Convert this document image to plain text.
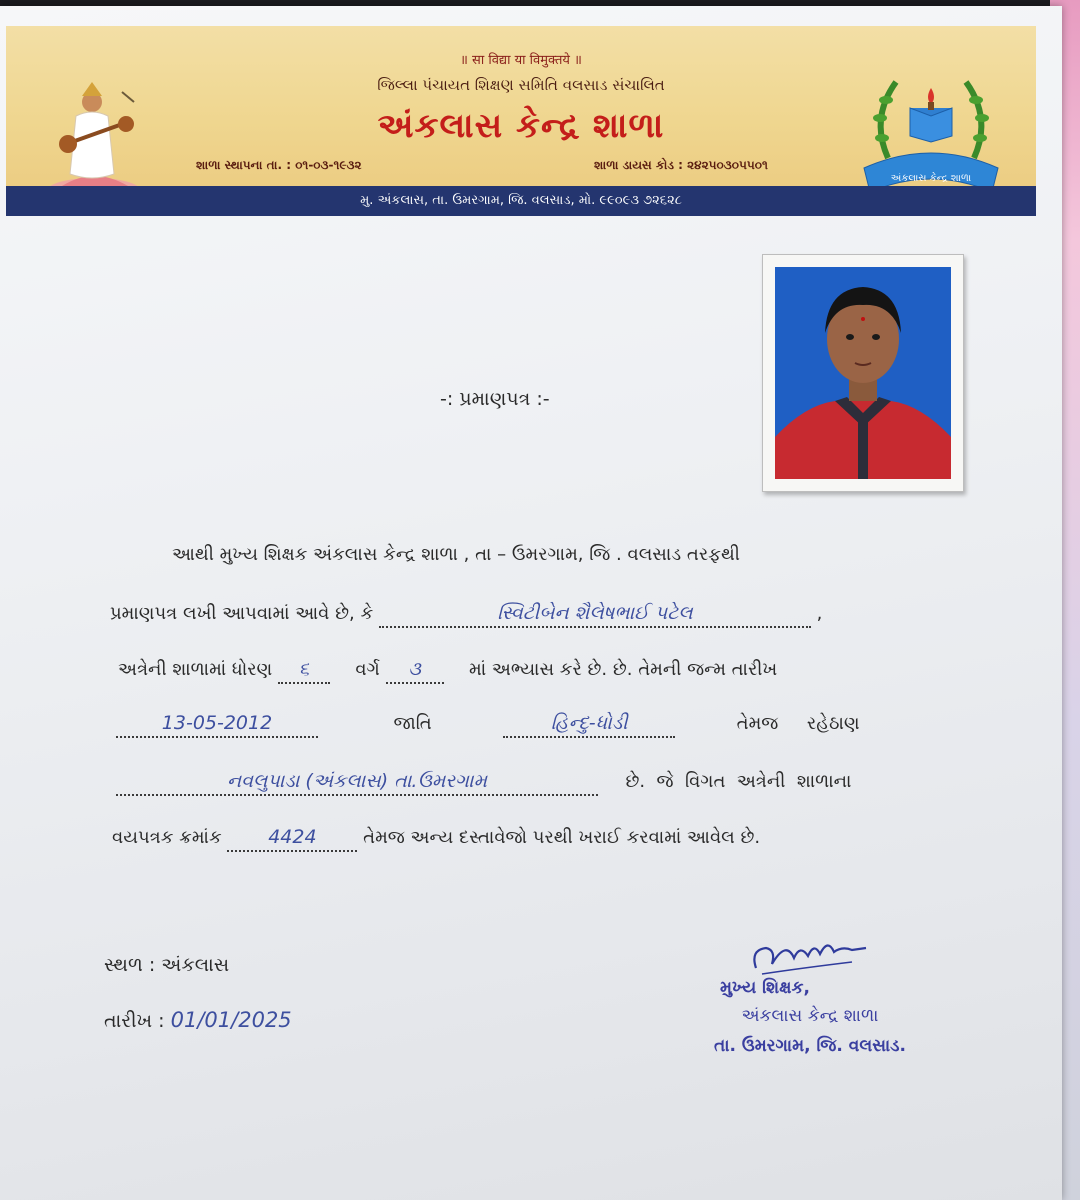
॥ सा विद्या या विमुक्तये ॥
જિલ્લા પંચાયત શિક્ષણ સમિતિ વલસાડ સંચાલિત
અંકલાસ કેન્દ્ર શાળા
શાળા સ્થાપના તા. : ૦૧-૦૩-૧૯૩૨	શાળા ડાયસ કોડ : ૨૪૨૫૦૩૦૫૫૦૧
અંકલાસ કેન્દ્ર શાળા
મુ. અંકલાસ, તા. ઉમરગામ, જિ. વલસાડ, મો. ૯૯૦૯૩ ૭૨૬૨૮
-: પ્રમાણપત્ર :-
આથી મુખ્ય શિક્ષક અંકલાસ કેન્દ્ર શાળા , તા – ઉમરગામ, જિ . વલસાડ તરફથી
પ્રમાણપત્ર લખી આપવામાં આવે છે, કે	સ્વિટીબેન શૈલેષભાઈ પટેલ	,
અત્રેની શાળામાં ધોરણ ૬	વર્ગ ૩	માં અભ્યાસ કરે છે. છે. તેમની જન્મ તારીખ
13-05-2012	જાતિ	હિન્દુ-ધોડી	તેમજ     રહેઠાણ
નવલુપાડા (અંકલાસ) તા.ઉમરગામ	છે.  જે  વિગત  અત્રેની  શાળાના
વયપત્રક ક્રમાંક 4424	તેમજ અન્ય દસ્તાવેજો પરથી ખરાઈ કરવામાં આવેલ છે.
સ્થળ : અંકલાસ
તારીખ : 01/01/2025
મુખ્ય શિક્ષક,
અંકલાસ કેન્દ્ર શાળા
તા. ઉમરગામ, જિ. વલસાડ.
